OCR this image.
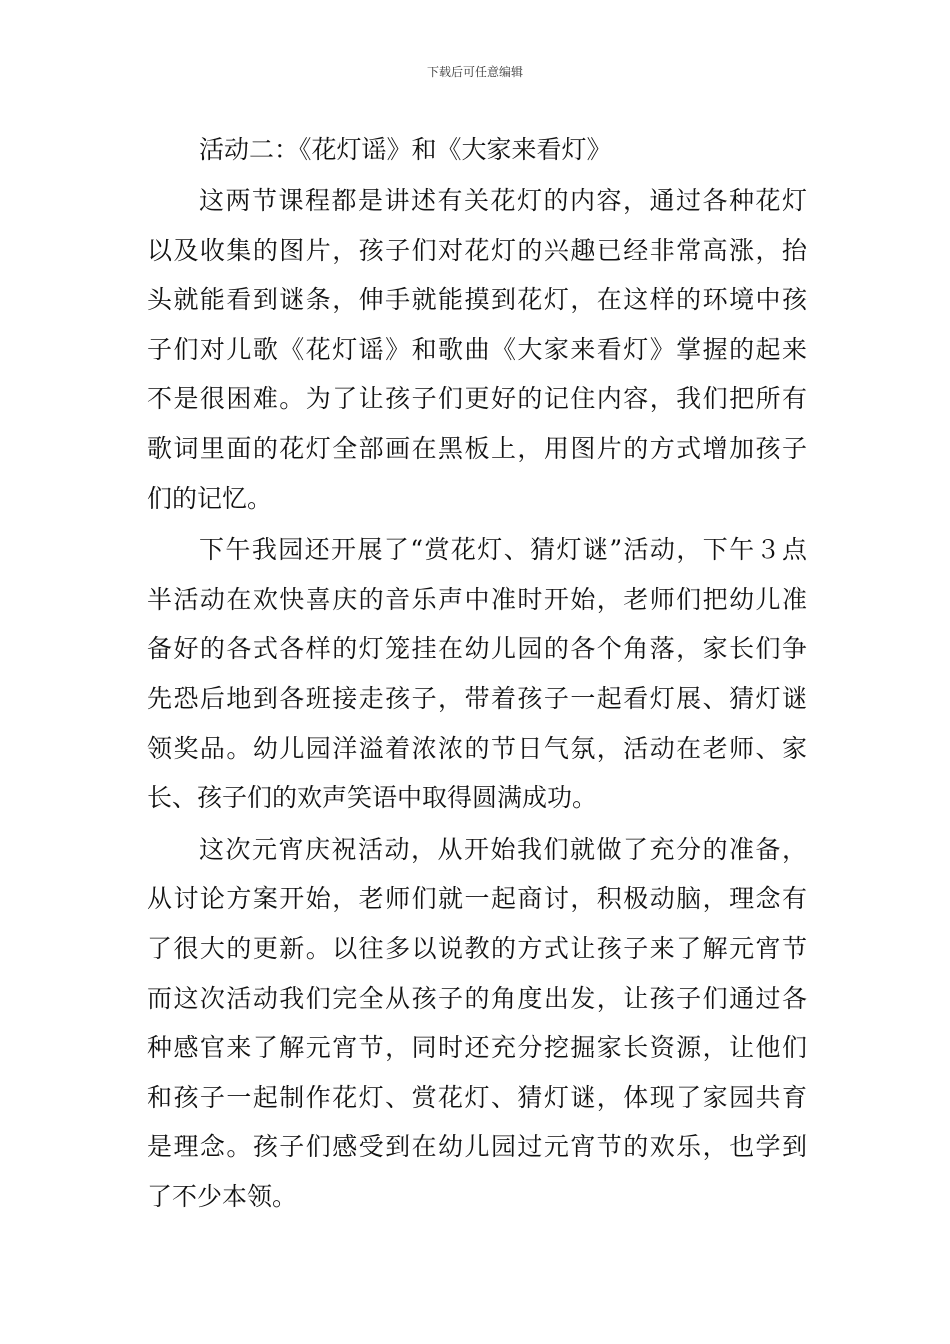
下载后可任意编辑
活动二：《花灯谣》和《大家来看灯》
这两节课程都是讲述有关花灯的内容，通过各种花灯
以及收集的图片，孩子们对花灯的兴趣已经非常高涨，抬
头就能看到谜条，伸手就能摸到花灯，在这样的环境中孩
子们对儿歌《花灯谣》和歌曲《大家来看灯》掌握的起来
不是很困难。为了让孩子们更好的记住内容，我们把所有
歌词里面的花灯全部画在黑板上，用图片的方式增加孩子
们的记忆。
下午我园还开展了“赏花灯、猜灯谜”活动，下午３点
半活动在欢快喜庆的音乐声中准时开始，老师们把幼儿准
备好的各式各样的灯笼挂在幼儿园的各个角落，家长们争
先恐后地到各班接走孩子，带着孩子一起看灯展、猜灯谜
领奖品。幼儿园洋溢着浓浓的节日气氛，活动在老师、家
长、孩子们的欢声笑语中取得圆满成功。
这次元宵庆祝活动，从开始我们就做了充分的准备，
从讨论方案开始，老师们就一起商讨，积极动脑，理念有
了很大的更新。以往多以说教的方式让孩子来了解元宵节
而这次活动我们完全从孩子的角度出发，让孩子们通过各
种感官来了解元宵节，同时还充分挖掘家长资源，让他们
和孩子一起制作花灯、赏花灯、猜灯谜，体现了家园共育
是理念。孩子们感受到在幼儿园过元宵节的欢乐，也学到
了不少本领。
